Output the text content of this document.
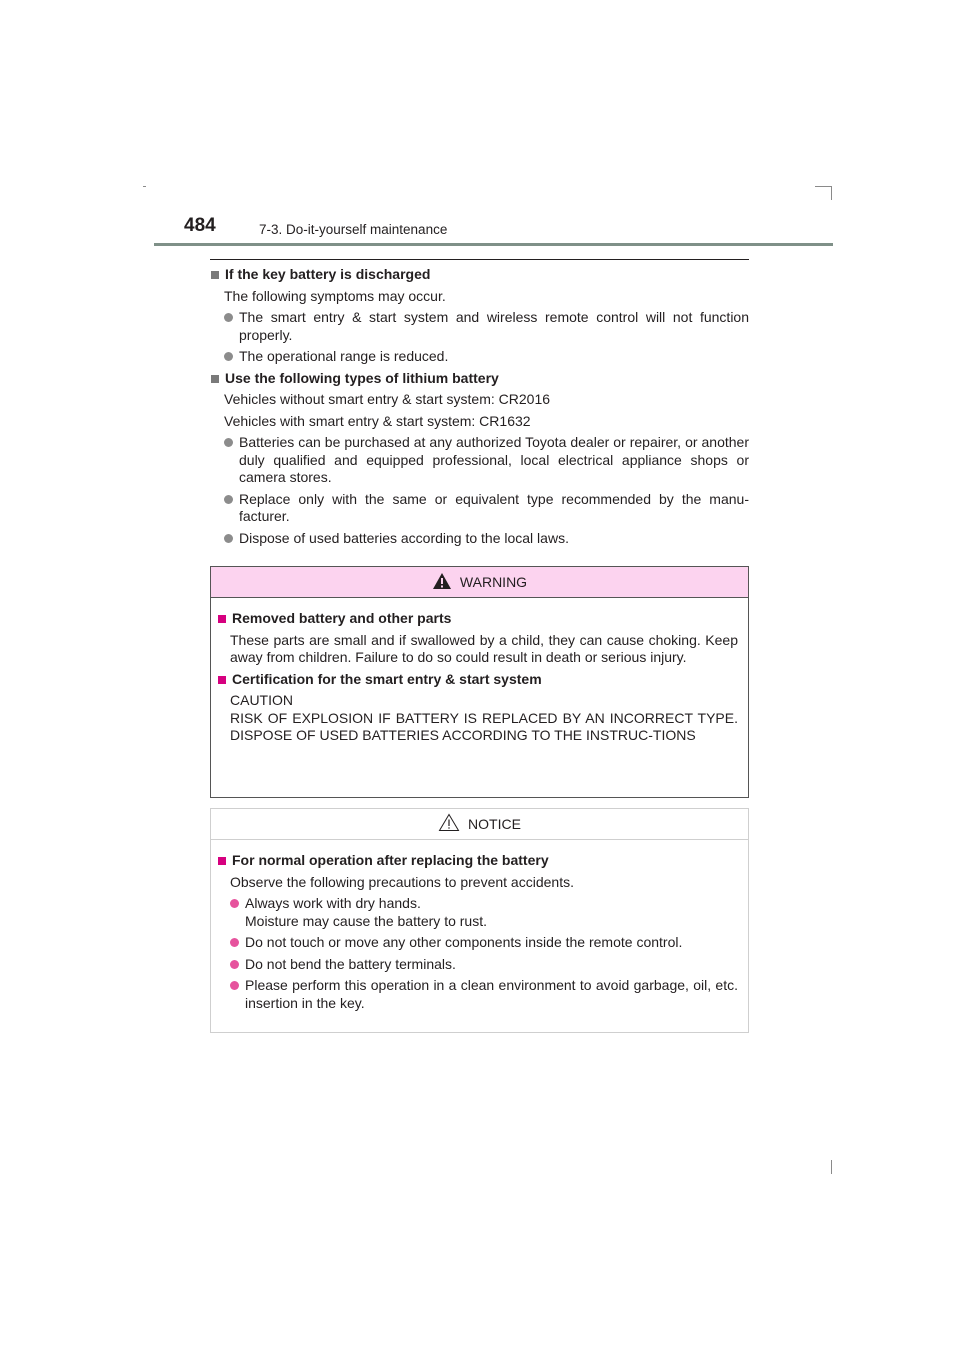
484	7-3. Do-it-yourself maintenance
If the key battery is discharged
The following symptoms may occur.
The smart entry & start system and wireless remote control will not function properly.
The operational range is reduced.
Use the following types of lithium battery
Vehicles without smart entry & start system: CR2016
Vehicles with smart entry & start system: CR1632
Batteries can be purchased at any authorized Toyota dealer or repairer, or another duly qualified and equipped professional, local electrical appliance shops or camera stores.
Replace only with the same or equivalent type recommended by the manu-facturer.
Dispose of used batteries according to the local laws.
WARNING
Removed battery and other parts
These parts are small and if swallowed by a child, they can cause choking. Keep away from children. Failure to do so could result in death or serious injury.
Certification for the smart entry & start system
CAUTION
RISK OF EXPLOSION IF BATTERY IS REPLACED BY AN INCORRECT TYPE. DISPOSE OF USED BATTERIES ACCORDING TO THE INSTRUC-TIONS
NOTICE
For normal operation after replacing the battery
Observe the following precautions to prevent accidents.
Always work with dry hands.
Moisture may cause the battery to rust.
Do not touch or move any other components inside the remote control.
Do not bend the battery terminals.
Please perform this operation in a clean environment to avoid garbage, oil, etc. insertion in the key.
